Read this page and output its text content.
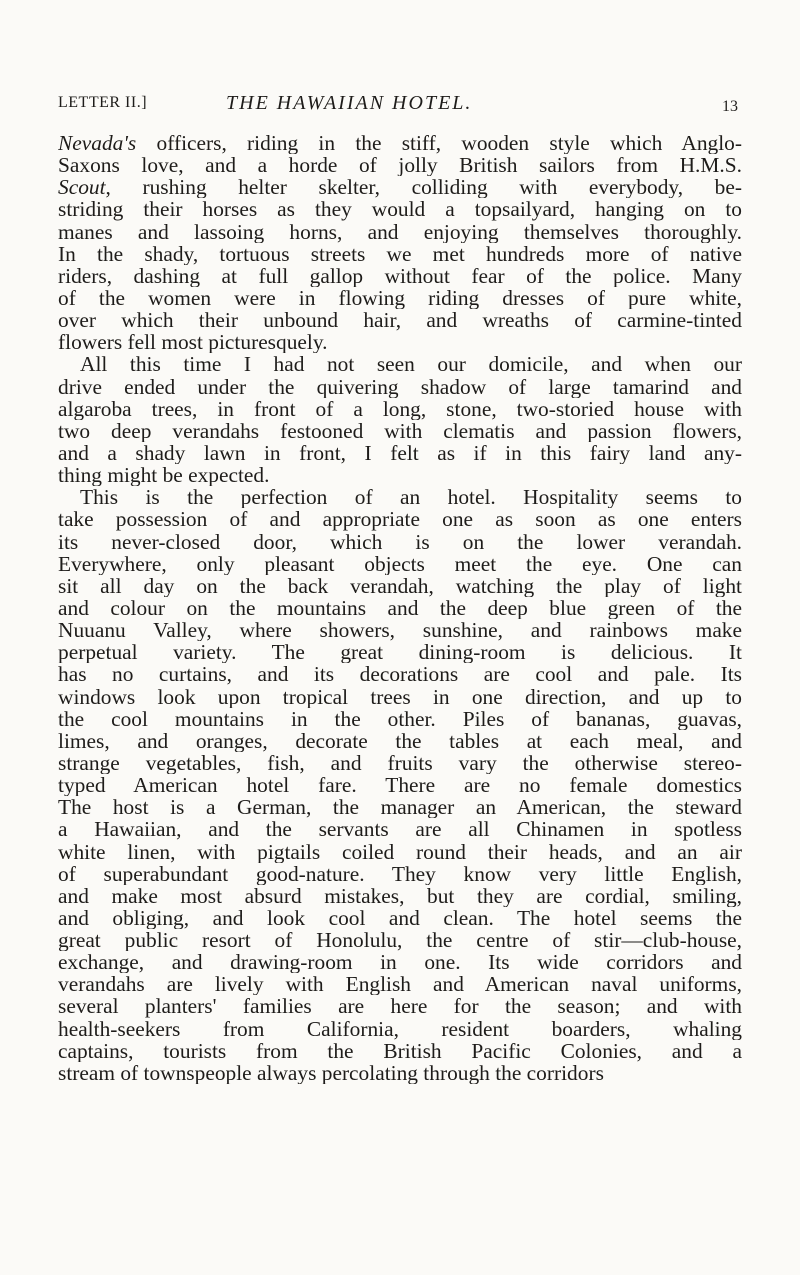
LETTER II.]	THE HAWAIIAN HOTEL.	13
Nevada's officers, riding in the stiff, wooden style which Anglo-
Saxons love, and a horde of jolly British sailors from H.M.S.
Scout, rushing helter skelter, colliding with everybody, be-
striding their horses as they would a topsailyard, hanging on to
manes and lassoing horns, and enjoying themselves thoroughly.
In the shady, tortuous streets we met hundreds more of native
riders, dashing at full gallop without fear of the police. Many
of the women were in flowing riding dresses of pure white,
over which their unbound hair, and wreaths of carmine-tinted
flowers fell most picturesquely.
All this time I had not seen our domicile, and when our
drive ended under the quivering shadow of large tamarind and
algaroba trees, in front of a long, stone, two-storied house with
two deep verandahs festooned with clematis and passion flowers,
and a shady lawn in front, I felt as if in this fairy land any-
thing might be expected.
This is the perfection of an hotel. Hospitality seems to
take possession of and appropriate one as soon as one enters
its never-closed door, which is on the lower verandah.
Everywhere, only pleasant objects meet the eye. One can
sit all day on the back verandah, watching the play of light
and colour on the mountains and the deep blue green of the
Nuuanu Valley, where showers, sunshine, and rainbows make
perpetual variety. The great dining-room is delicious. It
has no curtains, and its decorations are cool and pale. Its
windows look upon tropical trees in one direction, and up to
the cool mountains in the other. Piles of bananas, guavas,
limes, and oranges, decorate the tables at each meal, and
strange vegetables, fish, and fruits vary the otherwise stereo-
typed American hotel fare. There are no female domestics
The host is a German, the manager an American, the steward
a Hawaiian, and the servants are all Chinamen in spotless
white linen, with pigtails coiled round their heads, and an air
of superabundant good-nature. They know very little English,
and make most absurd mistakes, but they are cordial, smiling,
and obliging, and look cool and clean. The hotel seems the
great public resort of Honolulu, the centre of stir—club-house,
exchange, and drawing-room in one. Its wide corridors and
verandahs are lively with English and American naval uniforms,
several planters' families are here for the season; and with
health-seekers from California, resident boarders, whaling
captains, tourists from the British Pacific Colonies, and a
stream of townspeople always percolating through the corridors
